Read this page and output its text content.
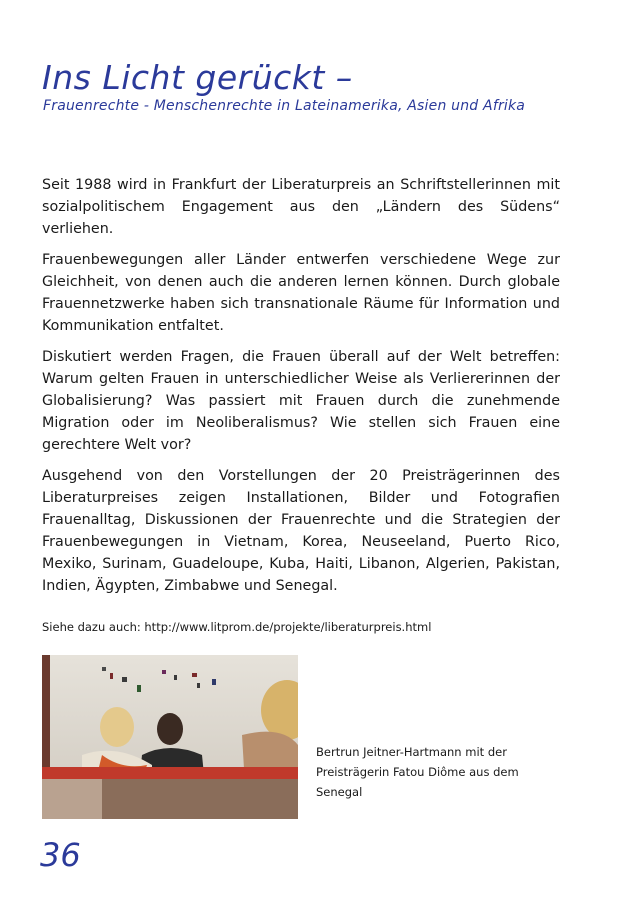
Ins Licht gerückt –
Frauenrechte - Menschenrechte in Lateinamerika, Asien und Afrika

Seit 1988 wird in Frankfurt der Liberaturpreis an Schriftstellerinnen mit sozialpolitischem Engagement aus den „Ländern des Südens“ verliehen.

Frauenbewegungen aller Länder entwerfen verschiedene Wege zur Gleichheit, von denen auch die anderen lernen können. Durch globale Frauennetzwerke haben sich transnationale Räume für Information und Kommunikation entfaltet.

Diskutiert werden Fragen, die Frauen überall auf der Welt betreffen: Warum gelten Frauen in unterschiedlicher Weise als Verliererinnen der Globalisierung? Was passiert mit Frauen durch die zunehmende Migration oder im Neoliberalismus? Wie stellen sich Frauen eine gerechtere Welt vor?

Ausgehend von den Vorstellungen der 20 Preisträgerinnen des Liberaturpreises zeigen Installationen, Bilder und Fotografien Frauenalltag, Diskussionen der Frauenrechte und die Strategien der Frauenbewegungen in Vietnam, Korea, Neuseeland, Puerto Rico, Mexiko, Surinam, Guadeloupe, Kuba, Haiti, Libanon, Algerien, Pakistan, Indien, Ägypten, Zimbabwe und Senegal.

Siehe dazu auch: http://www.litprom.de/projekte/liberaturpreis.html
Bertrun Jeitner-Hartmann mit der Preisträgerin Fatou Diôme aus dem Senegal
36
